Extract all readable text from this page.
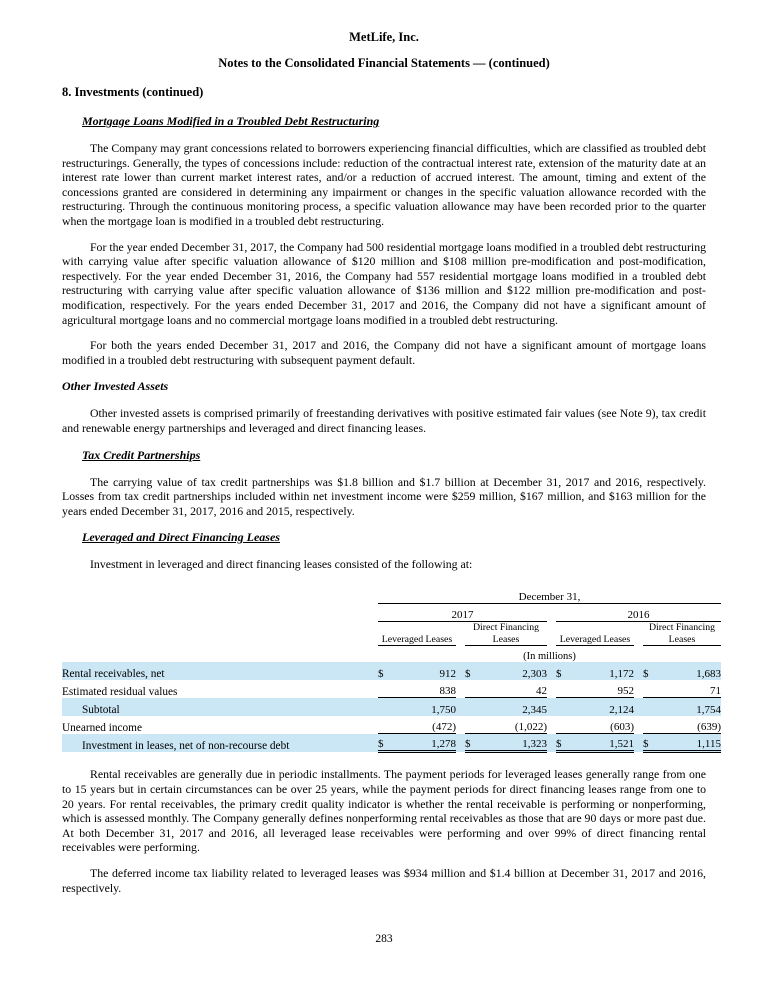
MetLife, Inc.
Notes to the Consolidated Financial Statements — (continued)
8. Investments (continued)
Mortgage Loans Modified in a Troubled Debt Restructuring

The Company may grant concessions related to borrowers experiencing financial difficulties, which are classified as troubled debt restructurings. Generally, the types of concessions include: reduction of the contractual interest rate, extension of the maturity date at an interest rate lower than current market interest rates, and/or a reduction of accrued interest. The amount, timing and extent of the concessions granted are considered in determining any impairment or changes in the specific valuation allowance recorded with the restructuring. Through the continuous monitoring process, a specific valuation allowance may have been recorded prior to the quarter when the mortgage loan is modified in a troubled debt restructuring.

For the year ended December 31, 2017, the Company had 500 residential mortgage loans modified in a troubled debt restructuring with carrying value after specific valuation allowance of $120 million and $108 million pre-modification and post-modification, respectively. For the year ended December 31, 2016, the Company had 557 residential mortgage loans modified in a troubled debt restructuring with carrying value after specific valuation allowance of $136 million and $122 million pre-modification and post-modification, respectively. For the years ended December 31, 2017 and 2016, the Company did not have a significant amount of agricultural mortgage loans and no commercial mortgage loans modified in a troubled debt restructuring.

For both the years ended December 31, 2017 and 2016, the Company did not have a significant amount of mortgage loans modified in a troubled debt restructuring with subsequent payment default.

Other Invested Assets

Other invested assets is comprised primarily of freestanding derivatives with positive estimated fair values (see Note 9), tax credit and renewable energy partnerships and leveraged and direct financing leases.

Tax Credit Partnerships

The carrying value of tax credit partnerships was $1.8 billion and $1.7 billion at December 31, 2017 and 2016, respectively. Losses from tax credit partnerships included within net investment income were $259 million, $167 million, and $163 million for the years ended December 31, 2017, 2016 and 2015, respectively.

Leveraged and Direct Financing Leases

Investment in leveraged and direct financing leases consisted of the following at:

	December 31,										
	2017						2016				
	Leveraged Leases			Direct Financing Leases			Leveraged Leases			Direct Financing Leases	
	(In millions)										
Rental receivables, net	$	912		$	2,303		$	1,172		$	1,683
Estimated residual values		838			42			952			71
Subtotal		1,750			2,345			2,124			1,754
Unearned income		(472)			(1,022)			(603)			(639)
Investment in leases, net of non-recourse debt	$	1,278		$	1,323		$	1,521		$	1,115

Rental receivables are generally due in periodic installments. The payment periods for leveraged leases generally range from one to 15 years but in certain circumstances can be over 25 years, while the payment periods for direct financing leases range from one to 20 years. For rental receivables, the primary credit quality indicator is whether the rental receivable is performing or nonperforming, which is assessed monthly. The Company generally defines nonperforming rental receivables as those that are 90 days or more past due. At both December 31, 2017 and 2016, all leveraged lease receivables were performing and over 99% of direct financing rental receivables were performing.

The deferred income tax liability related to leveraged leases was $934 million and $1.4 billion at December 31, 2017 and 2016, respectively.

283
